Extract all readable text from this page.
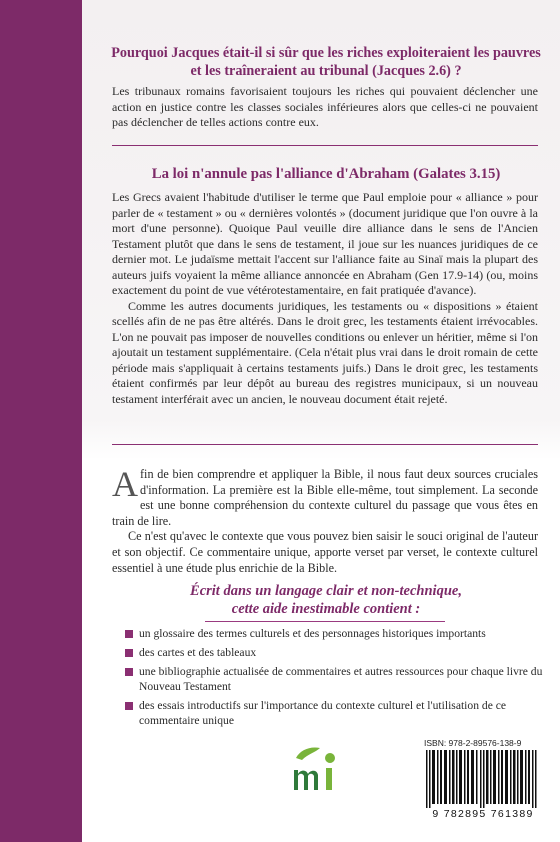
Pourquoi Jacques était-il si sûr que les riches exploiteraient les pauvres et les traîneraient au tribunal (Jacques 2.6) ?

Les tribunaux romains favorisaient toujours les riches qui pouvaient déclencher une action en justice contre les classes sociales inférieures alors que celles-ci ne pouvaient pas déclencher de telles actions contre eux.

La loi n'annule pas l'alliance d'Abraham (Galates 3.15)

Les Grecs avaient l'habitude d'utiliser le terme que Paul emploie pour « alliance » pour parler de « testament » ou « dernières volontés » (document juridique que l'on ouvre à la mort d'une personne). Quoique Paul veuille dire alliance dans le sens de l'Ancien Testament plutôt que dans le sens de testament, il joue sur les nuances juridiques de ce dernier mot. Le judaïsme mettait l'accent sur l'alliance faite au Sinaï mais la plupart des auteurs juifs voyaient la même alliance annoncée en Abraham (Gen 17.9-14) (ou, moins exactement du point de vue vétérotestamentaire, en fait pratiquée d'avance).

Comme les autres documents juridiques, les testaments ou « dispositions » étaient scellés afin de ne pas être altérés. Dans le droit grec, les testaments étaient irrévocables. L'on ne pouvait pas imposer de nouvelles conditions ou enlever un héritier, même si l'on ajoutait un testament supplémentaire. (Cela n'était plus vrai dans le droit romain de cette période mais s'appliquait à certains testaments juifs.) Dans le droit grec, les testaments étaient confirmés par leur dépôt au bureau des registres municipaux, si un nouveau testament interférait avec un ancien, le nouveau document était rejeté.

Afin de bien comprendre et appliquer la Bible, il nous faut deux sources cruciales d'information. La première est la Bible elle-même, tout simplement. La seconde est une bonne compréhension du contexte culturel du passage que vous êtes en train de lire.

Ce n'est qu'avec le contexte que vous pouvez bien saisir le souci original de l'auteur et son objectif. Ce commentaire unique, apporte verset par verset, le contexte culturel essentiel à une étude plus enrichie de la Bible.

Écrit dans un langage clair et non-technique,
cette aide inestimable contient :
un glossaire des termes culturels et des personnages historiques importants
des cartes et des tableaux
une bibliographie actualisée de commentaires et autres ressources pour chaque livre du Nouveau Testament
des essais introductifs sur l'importance du contexte culturel et l'utilisation de ce commentaire unique
ISBN: 978-2-89576-138-9
9 782895 761389
